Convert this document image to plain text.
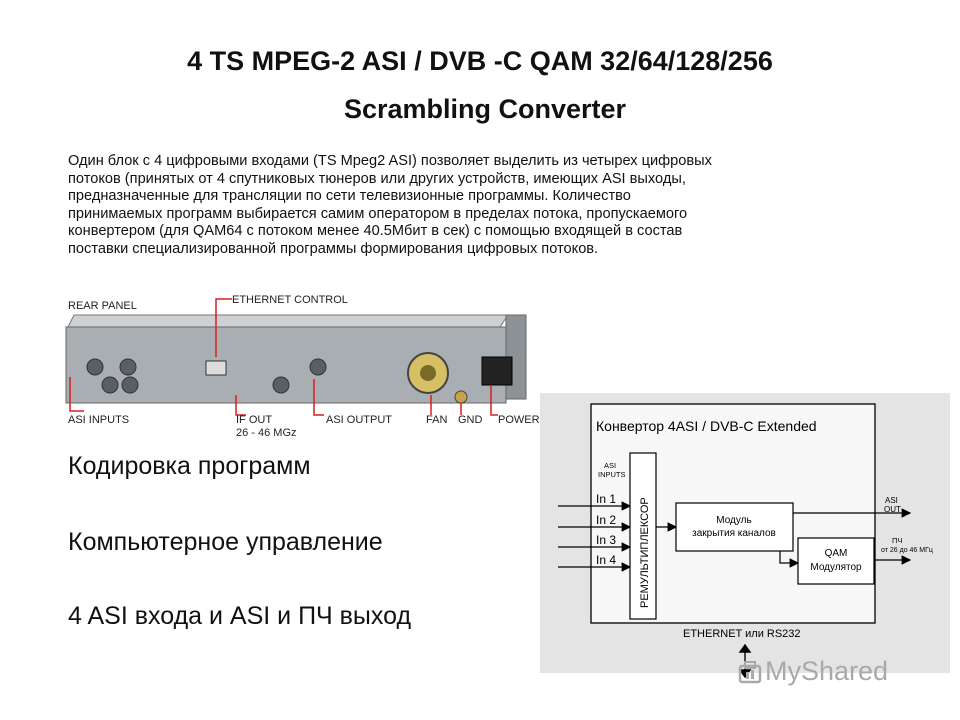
4 TS MPEG-2 ASI / DVB -C QAM 32/64/128/256
Scrambling Converter
Один блок с 4 цифровыми входами (TS Mpeg2 ASI) позволяет выделить из четырех цифровых
потоков (принятых от 4 спутниковых тюнеров или других устройств, имеющих ASI выходы,
предназначенные для трансляции по сети телевизионные программы. Количество
принимаемых программ выбирается самим оператором в пределах потока, пропускаемого
конвертером (для QAM64 с потоком менее 40.5Мбит в сек) с помощью входящей в состав
поставки специализированной программы формирования цифровых потоков.
REAR PANEL	ETHERNET CONTROL
ASI INPUTS	IF OUT
26 - 46 MGz
ASI OUTPUT	FAN GND POWER
Кодировка программ
Компьютерное управление
4 ASI входа и ASI и ПЧ выход
Конвертор 4ASI / DVB-C Extended
ASI
INPUTS
In 1
In 2
In 3
In 4 РЕМУЛЬТИПЛЕКСОР	Модуль
закрытия каналов
ASI
OUT
QAM
Модулятор
ПЧ
от 26 до 46 МГц
ETHERNET или RS232
MyShared
